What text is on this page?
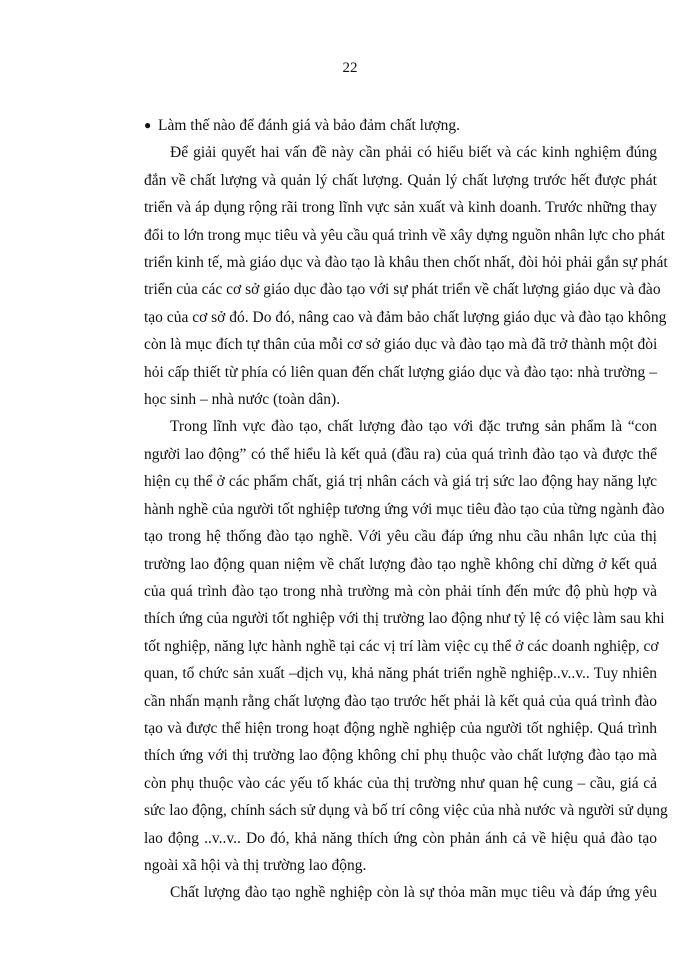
22

● Làm thế nào để đánh giá và bảo đảm chất lượng.

Để giải quyết hai vấn đề này cần phải có hiểu biết và các kinh nghiệm đúng
đắn về chất lượng và quản lý chất lượng. Quản lý chất lượng trước hết được phát
triển và áp dụng rộng rãi trong lĩnh vực sản xuất và kinh doanh. Trước những thay
đổi to lớn trong mục tiêu và yêu cầu quá trình về xây dựng nguồn nhân lực cho phát
triển kinh tế, mà giáo dục và đào tạo là khâu then chốt nhất, đòi hỏi phải gắn sự phát
triển của các cơ sở giáo dục đào tạo với sự phát triển về chất lượng giáo dục và đào
tạo của cơ sở đó. Do đó, nâng cao và đảm bảo chất lượng giáo dục và đào tạo không
còn là mục đích tự thân của mỗi cơ sở giáo dục và đào tạo mà đã trở thành một đòi
hỏi cấp thiết từ phía có liên quan đến chất lượng giáo dục và đào tạo: nhà trường –
học sinh – nhà nước (toàn dân).

Trong lĩnh vực đào tạo, chất lượng đào tạo với đặc trưng sản phẩm là “con
người lao động” có thể hiểu là kết quả (đầu ra) của quá trình đào tạo và được thể
hiện cụ thể ở các phẩm chất, giá trị nhân cách và giá trị sức lao động hay năng lực
hành nghề của người tốt nghiệp tương ứng với mục tiêu đào tạo của từng ngành đào
tạo trong hệ thống đào tạo nghề. Với yêu cầu đáp ứng nhu cầu nhân lực của thị
trường lao động quan niệm về chất lượng đào tạo nghề không chỉ dừng ở kết quả
của quá trình đào tạo trong nhà trường mà còn phải tính đến mức độ phù hợp và
thích ứng của người tốt nghiệp với thị trường lao động như tỷ lệ có việc làm sau khi
tốt nghiệp, năng lực hành nghề tại các vị trí làm việc cụ thể ở các doanh nghiệp, cơ
quan, tổ chức sản xuất –dịch vụ, khả năng phát triển nghề nghiệp..v..v.. Tuy nhiên
cần nhấn mạnh rằng chất lượng đào tạo trước hết phải là kết quả của quá trình đào
tạo và được thể hiện trong hoạt động nghề nghiệp của người tốt nghiệp. Quá trình
thích ứng với thị trường lao động không chỉ phụ thuộc vào chất lượng đào tạo mà
còn phụ thuộc vào các yếu tố khác của thị trường như quan hệ cung – cầu, giá cả
sức lao động, chính sách sử dụng và bố trí công việc của nhà nước và người sử dụng
lao động ..v..v.. Do đó, khả năng thích ứng còn phản ánh cả về hiệu quả đào tạo
ngoài xã hội và thị trường lao động.

Chất lượng đào tạo nghề nghiệp còn là sự thỏa mãn mục tiêu và đáp ứng yêu
